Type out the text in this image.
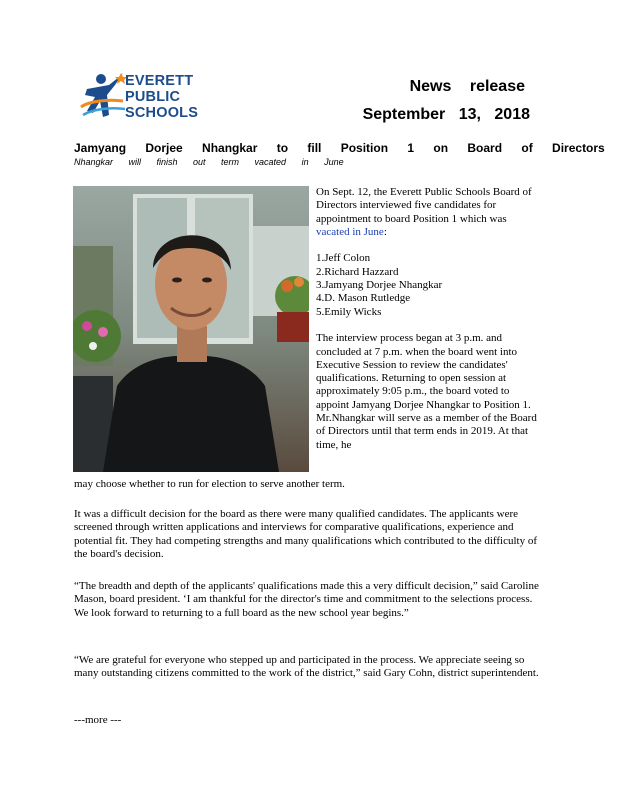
EVERETT
PUBLIC
SCHOOLS

News release

September 13, 2018

Jamyang Dorjee Nhangkar to fill Position 1 on Board of Directors

Nhangkar will finish out term vacated in June

On Sept. 12, the Everett Public Schools Board of Directors interviewed five candidates for appointment to board Position 1 which was vacated in June:

1.Jeff Colon
2.Richard Hazzard
3.Jamyang Dorjee Nhangkar
4.D. Mason Rutledge
5.Emily Wicks

The interview process began at 3 p.m. and concluded at 7 p.m. when the board went into Executive Session to review the candidates' qualifications. Returning to open session at approximately 9:05 p.m., the board voted to appoint Jamyang Dorjee Nhangkar to Position 1. Mr.Nhangkar will serve as a member of the Board of Directors until that term ends in 2019. At that time, he

may choose whether to run for election to serve another term.

It was a difficult decision for the board as there were many qualified candidates. The applicants were screened through written applications and interviews for comparative qualifications, experience and potential fit. They had competing strengths and many qualifications which contributed to the difficulty of the board's decision.

“The breadth and depth of the applicants' qualifications made this a very difficult decision,” said Caroline Mason, board president. ‘I am thankful for the director's time and commitment to the selections process. We look forward to returning to a full board as the new school year begins.”

“We are grateful for everyone who stepped up and participated in the process. We appreciate seeing so many outstanding citizens committed to the work of the district,” said Gary Cohn, district superintendent.

---more ---
